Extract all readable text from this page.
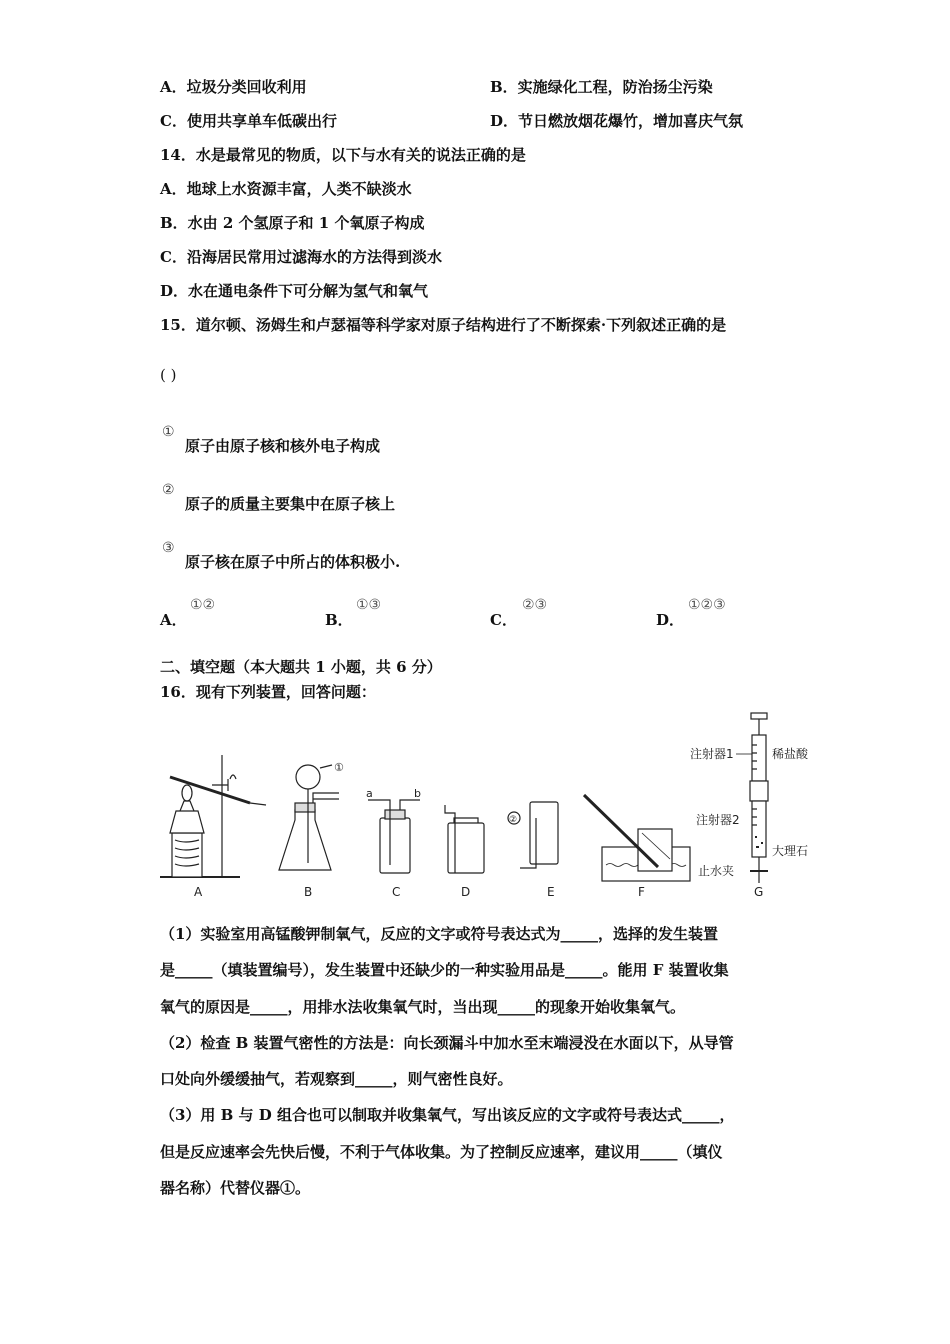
A．垃圾分类回收利用	B．实施绿化工程，防治扬尘污染
C．使用共享单车低碳出行	D．节日燃放烟花爆竹，增加喜庆气氛
14．水是最常见的物质，以下与水有关的说法正确的是
A．地球上水资源丰富，人类不缺淡水
B．水由 2 个氢原子和 1 个氧原子构成
C．沿海居民常用过滤海水的方法得到淡水
D．水在通电条件下可分解为氢气和氧气
15．道尔顿、汤姆生和卢瑟福等科学家对原子结构进行了不断探索·下列叙述正确的是
( )
①
原子由原子核和核外电子构成
②
原子的质量主要集中在原子核上
③
原子核在原子中所占的体积极小.
A．
①②
B．
①③
C．
②③
D．
①②③
二、填空题（本大题共 1 小题，共 6 分）
16．现有下列装置，回答问题：
①
a	b
②
注射器1	稀盐酸
注射器2
大理石
止水夹
A	B	C	D	E	F	G
（1）实验室用高锰酸钾制氧气，反应的文字或符号表达式为_____，选择的发生装置
是_____（填装置编号），发生装置中还缺少的一种实验用品是_____。能用 F 装置收集
氧气的原因是_____，用排水法收集氧气时，当出现_____的现象开始收集氧气。
（2）检查 B 装置气密性的方法是：向长颈漏斗中加水至末端浸没在水面以下，从导管
口处向外缓缓抽气，若观察到_____，则气密性良好。
（3）用 B 与 D 组合也可以制取并收集氧气，写出该反应的文字或符号表达式_____，
但是反应速率会先快后慢，不利于气体收集。为了控制反应速率，建议用_____（填仪
器名称）代替仪器①。
